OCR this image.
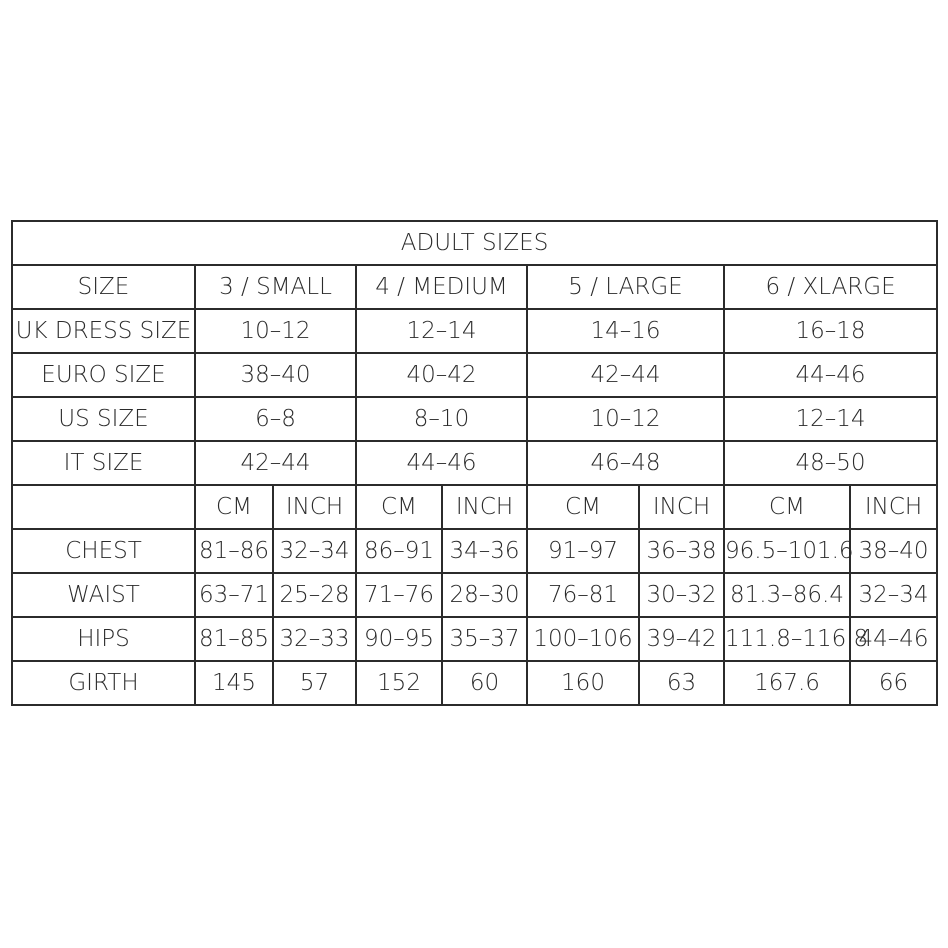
ADULT SIZES								
SIZE	3 / SMALL		4 / MEDIUM		5 / LARGE		6 / XLARGE	
UK DRESS SIZE	10–12		12–14		14–16		16–18	
EURO SIZE	38–40		40–42		42–44		44–46	
US SIZE	6–8		8–10		10–12		12–14	
IT SIZE	42–44		44–46		46–48		48–50	
	CM	INCH	CM	INCH	CM	INCH	CM	INCH
CHEST	81–86	32–34	86–91	34–36	91–97	36–38	96.5–101.6	38–40
WAIST	63–71	25–28	71–76	28–30	76–81	30–32	81.3–86.4	32–34
HIPS	81–85	32–33	90–95	35–37	100–106	39–42	111.8–116.8	44–46
GIRTH	145	57	152	60	160	63	167.6	66
